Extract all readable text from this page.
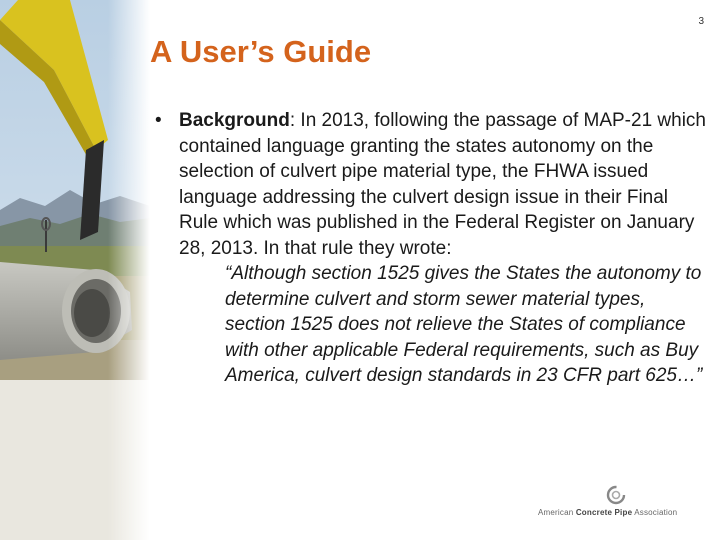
3
A User’s Guide

• Background: In 2013, following the passage of MAP-21 which contained language granting the states autonomy on the selection of culvert pipe material type, the FHWA issued language addressing the culvert design issue in their Final Rule which was published in the Federal Register on January 28, 2013. In that rule they wrote:

“Although section 1525 gives the States the autonomy to determine culvert and storm sewer material types, section 1525 does not relieve the States of compliance with other applicable Federal requirements, such as Buy America, culvert design standards in 23 CFR part 625…”

American Concrete Pipe Association
